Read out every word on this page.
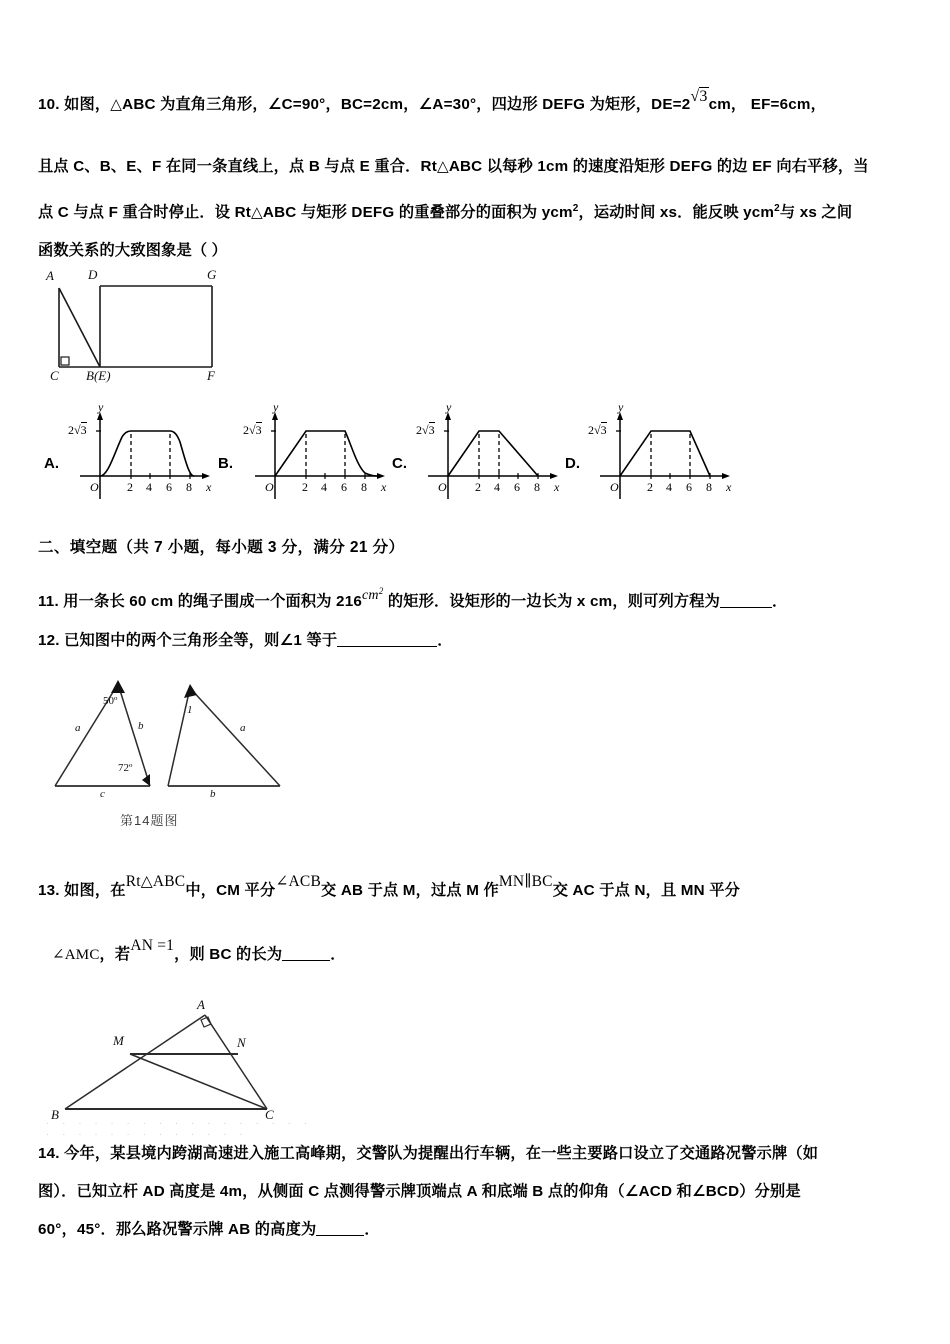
10. 如图，△ABC 为直角三角形，∠C=90°，BC=2cm，∠A=30°，四边形 DEFG 为矩形，DE=2√3cm， EF=6cm，
且点 C、B、E、F 在同一条直线上，点 B 与点 E 重合．Rt△ABC 以每秒 1cm 的速度沿矩形 DEFG 的边 EF 向右平移，当
点 C 与点 F 重合时停止．设 Rt△ABC 与矩形 DEFG 的重叠部分的面积为 ycm$^2$，运动时间 xs．能反映 ycm$^2$与 xs 之间
函数关系的大致图象是（ ）
A	D	G
C B(E)	F
A.
y
x
O
2√3
2 4 6 8
B.
y
x
O
2√3
2 4 6 8
C.
y
x
O
2√3
2 4 6 8
D.
y
x
O
2√3
2 4 6 8
二、填空题（共 7 小题，每小题 3 分，满分 21 分）
11. 用一条长 60 cm 的绳子围成一个面积为 $216cm^2$ 的矩形．设矩形的一边长为 x cm，则可列方程为	．
12. 已知图中的两个三角形全等，则∠1 等于	．
50º
72º
a	b
c
1
a
b
第14题图
13. 如图，在Rt△ABC中，CM 平分∠ACB交 AB 于点 M，过点 M 作MN∥BC交 AC 于点 N，且 MN 平分
∠AMC，若AN =1，则 BC 的长为	．
A
M	N
B	C
· · · · · · · · · · · · · · · · · · · · · · · · · · · · · ·
14. 今年，某县境内跨湖高速进入施工高峰期，交警队为提醒出行车辆，在一些主要路口设立了交通路况警示牌（如
图）．已知立杆 AD 高度是 4m，从侧面 C 点测得警示牌顶端点 A 和底端 B 点的仰角（∠ACD 和∠BCD）分别是
60°，45°．那么路况警示牌 AB 的高度为	．
